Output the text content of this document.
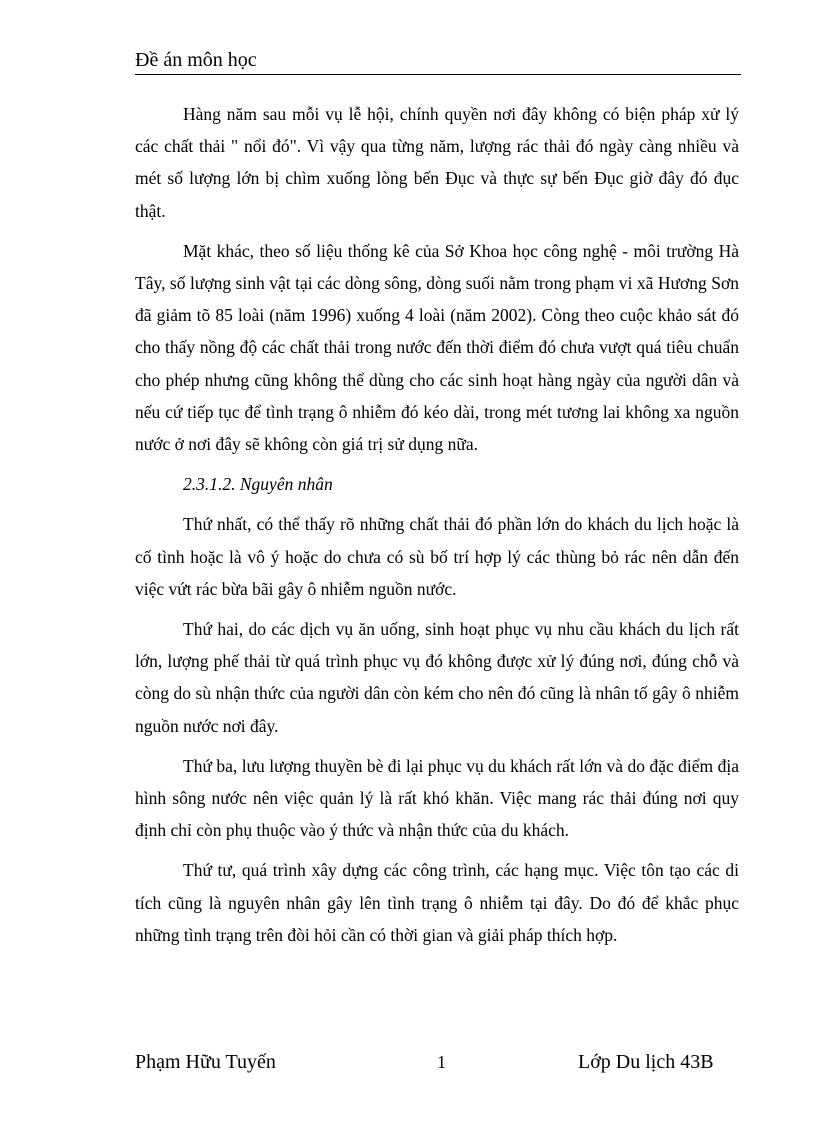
Đề án môn học

Hàng năm sau mỗi vụ lễ hội, chính quyền nơi đây không có biện pháp xử lý các chất thải " nổi đó". Vì vậy qua từng năm, lượng rác thải đó ngày càng nhiều và mét số lượng lớn bị chìm xuống lòng bến Đục và thực sự bến Đục giờ đây đó đục thật.

Mặt khác, theo số liệu thống kê của Sở Khoa học công nghệ - môi trường Hà Tây, số lượng sinh vật tại các dòng sông, dòng suối nằm trong phạm vi xã Hương Sơn đã giảm tõ 85 loài (năm 1996) xuống 4 loài (năm 2002). Còng theo cuộc khảo sát đó cho thấy nồng độ các chất thải trong nước đến thời điểm đó chưa vượt quá tiêu chuẩn cho phép nhưng cũng không thể dùng cho các sinh hoạt hàng ngày của người dân và nếu cứ tiếp tục để tình trạng ô nhiễm đó kéo dài, trong mét tương lai không xa nguồn nước ở nơi đây sẽ không còn giá trị sử dụng nữa.

2.3.1.2. Nguyên nhân

Thứ nhất, có thể thấy rõ những chất thải đó phần lớn do khách du lịch hoặc là cố tình hoặc là vô ý hoặc do chưa có sù bố trí hợp lý các thùng bỏ rác nên dẫn đến việc vứt rác bừa bãi gây ô nhiễm nguồn nước.

Thứ hai, do các dịch vụ ăn uống, sinh hoạt phục vụ nhu cầu khách du lịch rất lớn, lượng phế thải từ quá trình phục vụ đó không được xử lý đúng nơi, đúng chỗ và còng do sù nhận thức của người dân còn kém cho nên đó cũng là nhân tố gây ô nhiễm nguồn nước nơi đây.

Thứ ba, lưu lượng thuyền bè đi lại phục vụ du khách rất lớn và do đặc điểm địa hình sông nước nên việc quản lý là rất khó khăn. Việc mang rác thải đúng nơi quy định chỉ còn phụ thuộc vào ý thức và nhận thức của du khách.

Thứ tư, quá trình xây dựng các công trình, các hạng mục. Việc tôn tạo các di tích cũng là nguyên nhân gây lên tình trạng ô nhiễm tại đây. Do đó để khắc phục những tình trạng trên đòi hỏi cần có thời gian và giải pháp thích hợp.

Phạm Hữu Tuyến	1	Lớp Du lịch 43B
